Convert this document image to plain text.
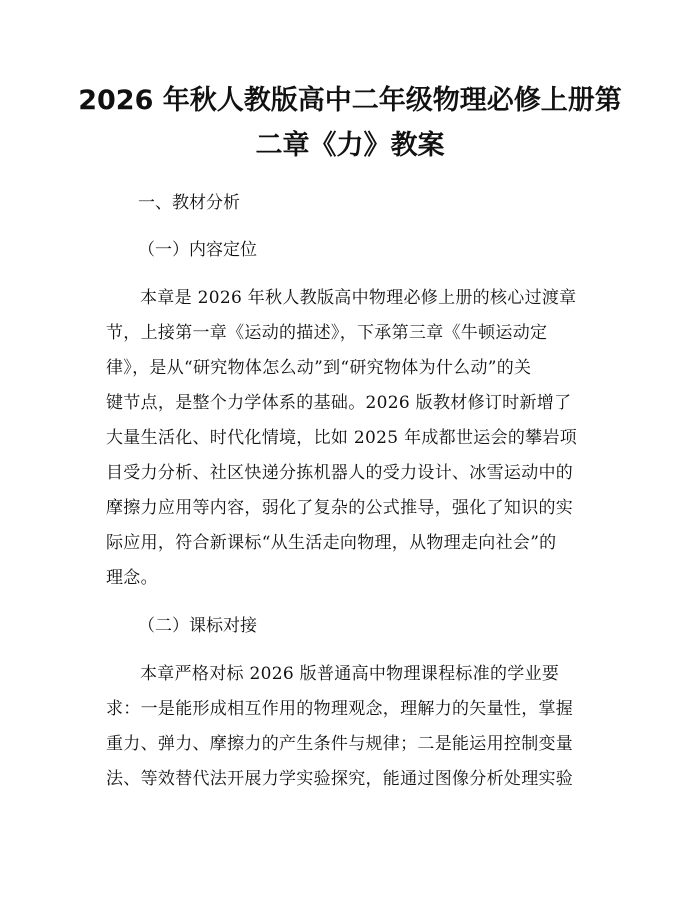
2026 年秋人教版高中二年级物理必修上册第
二章《力》教案
一、教材分析
（一）内容定位
本章是 2026 年秋人教版高中物理必修上册的核心过渡章
节，上接第一章《运动的描述》，下承第三章《牛顿运动定
律》，是从“研究物体怎么动”到“研究物体为什么动”的关
键节点，是整个力学体系的基础。2026 版教材修订时新增了
大量生活化、时代化情境，比如 2025 年成都世运会的攀岩项
目受力分析、社区快递分拣机器人的受力设计、冰雪运动中的
摩擦力应用等内容，弱化了复杂的公式推导，强化了知识的实
际应用，符合新课标“从生活走向物理，从物理走向社会”的
理念。
（二）课标对接
本章严格对标 2026 版普通高中物理课程标准的学业要
求：一是能形成相互作用的物理观念，理解力的矢量性，掌握
重力、弹力、摩擦力的产生条件与规律；二是能运用控制变量
法、等效替代法开展力学实验探究，能通过图像分析处理实验
